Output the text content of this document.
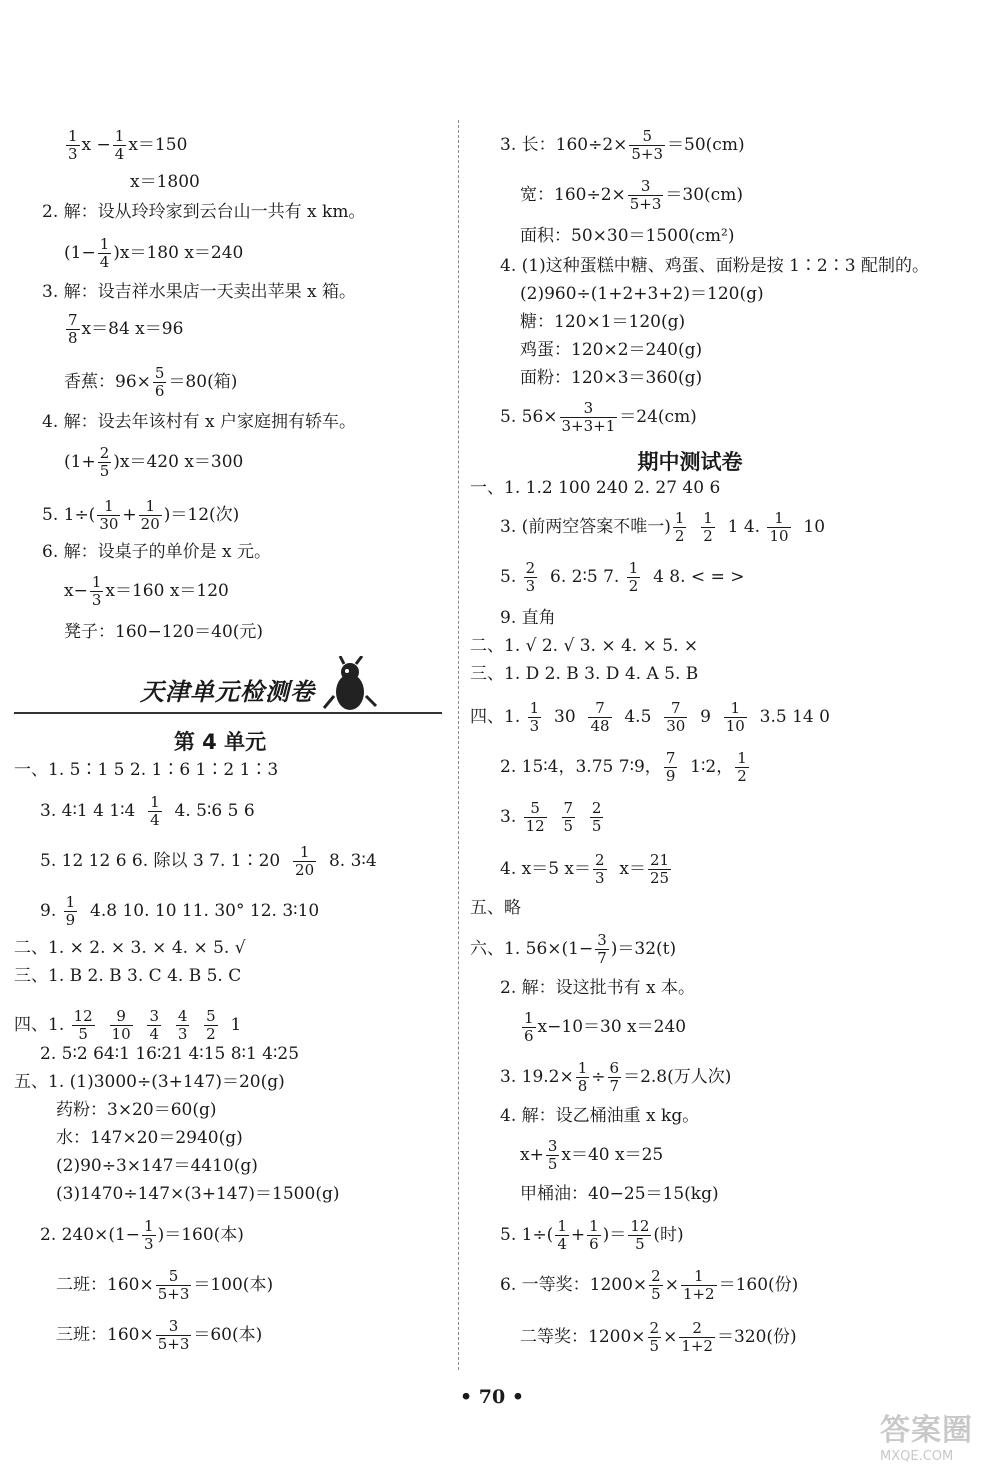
$\frac{1}{3}$ $x - \frac{1}{4} x=150$
x＝1800
2. 解：设从玲玲家到云台山一共有 x km。
$(1- \frac{1}{4} )x=180$ x＝240
3. 解：设吉祥水果店一天卖出苹果 x 箱。
$\frac{7}{8} x=84$ x＝96
香蕉：$96\times \frac{5}{6} =80$(箱)
4. 解：设去年该村有 x 户家庭拥有轿车。
$(1+ \frac{2}{5} )x=420$ x＝300
5. $1\div( \frac{1}{30} + \frac{1}{20} )=12$(次)
6. 解：设桌子的单价是 x 元。
$x- \frac{1}{3} x=160$ x＝120
凳子：160−120＝40(元)
天津单元检测卷
第 4 单元
一、1. 5∶1 5 2. 1∶6 1∶2 1∶3
3. 4∶1 4 1∶4 $\frac{1}{4} 4$. 5∶6 5 6
5. 12 12 6 6. 除以 3 7. 1∶20 $\frac{1}{20} 8$. 3∶4
9. $\frac{1}{9} 4.8$ 10. 10 11. 30° 12. 3∶10
二、1. × 2. × 3. × 4. × 5. √
三、1. B 2. B 3. C 4. B 5. C
四、1. $\frac{12}{5}$
$\frac{9}{10}$
$\frac{3}{4}$
$\frac{4}{3}$
$\frac{5}{2} 1$
2. 5∶2 64∶1 16∶21 4∶15 8∶1 4∶25
五、1. (1)3000÷(3+147)＝20(g)
药粉：3×20＝60(g)
水：147×20＝2940(g)
(2)90÷3×147＝4410(g)
(3)1470÷147×(3+147)＝1500(g)
2. $240\times(1- \frac{1}{3} )=160$(本)
二班：$160\times \frac{5}{5+3} =100$(本)
三班：$160\times \frac{3}{5+3} =60$(本)
3. 长：$160\div 2\times \frac{5}{5+3} =50(cm)$
宽：$160\div 2\times \frac{3}{5+3} =30(cm)$
面积：50×30＝1500(cm²)
4. (1)这种蛋糕中糖、鸡蛋、面粉是按 1∶2∶3 配制的。
(2)960÷(1+2+3+2)＝120(g)
糖：120×1＝120(g)
鸡蛋：120×2＝240(g)
面粉：120×3＝360(g)
5. $56\times \frac{3}{3+3+1} =24(cm)$
期中测试卷
一、1. 1.2 100 240 2. 27 40 6
3. (前两空答案不唯一) $\frac{1}{2}$
$\frac{1}{2} 1$ 4. $\frac{1}{10} 10$
5. $\frac{2}{3} 6$. 2∶5 7. $\frac{1}{2} 4$ 8. < = >
9. 直角
二、1. √ 2. √ 3. × 4. × 5. ×
三、1. D 2. B 3. D 4. A 5. B
四、1. $\frac{1}{3} 30 \frac{7}{48} 4.5 \frac{7}{30} 9 \frac{1}{10} 3.5$ 14 0
2. 15∶4，3.75 7∶9， $\frac{7}{9}$ 1∶2， $\frac{1}{2}$
3. $\frac{5}{12}$
$\frac{7}{5}$
$\frac{2}{5}$
4. x＝5 $x= \frac{2}{3} x= \frac{21}{25}$
五、略
六、1. $56\times(1- \frac{3}{7} )=32(t)$
2. 解：设这批书有 x 本。
$\frac{1}{6} x-10=30$ x＝240
3. $19.2\times \frac{1}{8} \div \frac{6}{7} =2.8$(万人次)
4. 解：设乙桶油重 x kg。
$x+ \frac{3}{5} x=40$ x＝25
甲桶油：40−25＝15(kg)
5. $1\div( \frac{1}{4} + \frac{1}{6}$ )＝ $\frac{12}{5}$ (时)
6. 一等奖：$1200\times \frac{2}{5} \times \frac{1}{1+2} =160$(份)
二等奖：$1200\times \frac{2}{5} \times \frac{2}{1+2} =320$(份)
• 70 •
答案圈
MXQE.COM
